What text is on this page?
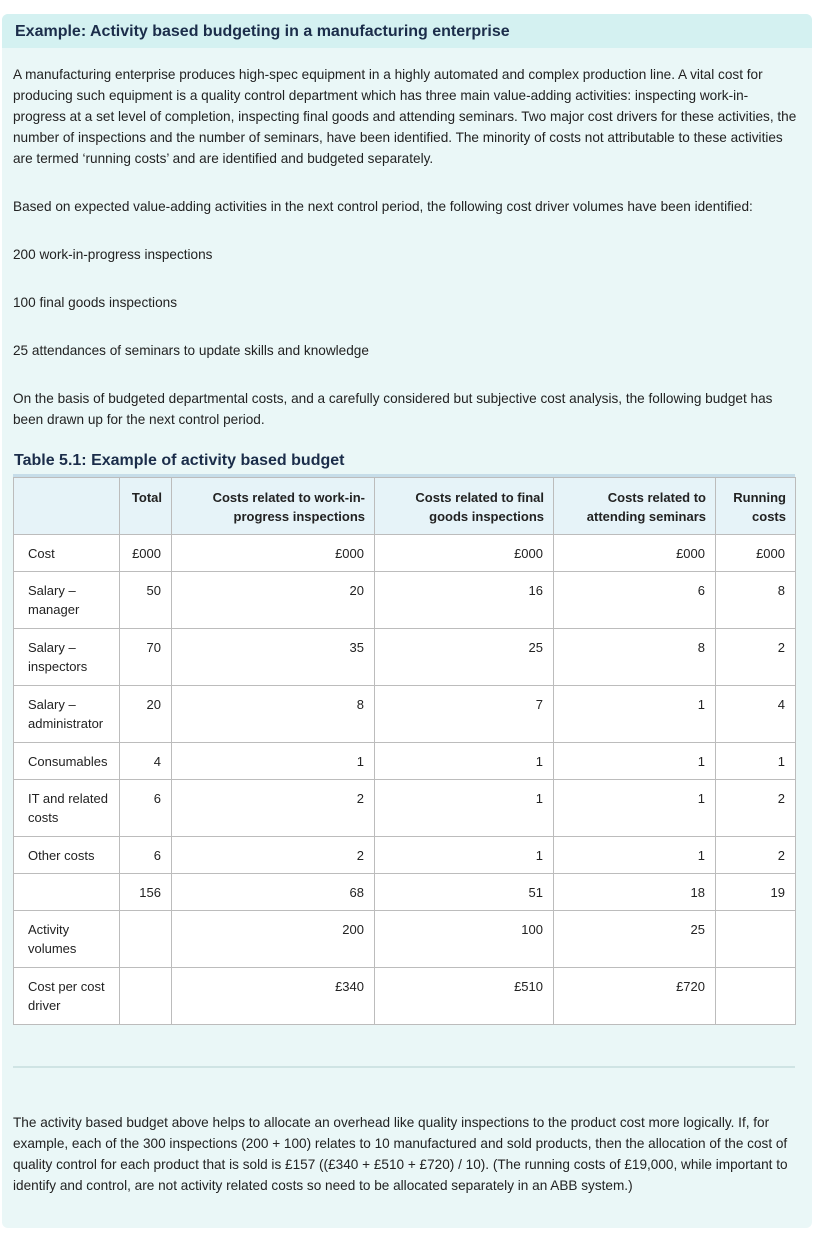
Example: Activity based budgeting in a manufacturing enterprise

A manufacturing enterprise produces high-spec equipment in a highly automated and complex production line. A vital cost for producing such equipment is a quality control department which has three main value-adding activities: inspecting work-in-progress at a set level of completion, inspecting final goods and attending seminars. Two major cost drivers for these activities, the number of inspections and the number of seminars, have been identified. The minority of costs not attributable to these activities are termed ‘running costs’ and are identified and budgeted separately.

Based on expected value-adding activities in the next control period, the following cost driver volumes have been identified:

200 work-in-progress inspections

100 final goods inspections

25 attendances of seminars to update skills and knowledge

On the basis of budgeted departmental costs, and a carefully considered but subjective cost analysis, the following budget has been drawn up for the next control period.

Table 5.1: Example of activity based budget
	Total	Costs related to work-in-progress inspections	Costs related to final goods inspections	Costs related to attending seminars	Running costs
Cost	£000	£000	£000	£000	£000
Salary – manager	50	20	16	6	8
Salary – inspectors	70	35	25	8	2
Salary – administrator	20	8	7	1	4
Consumables	4	1	1	1	1
IT and related costs	6	2	1	1	2
Other costs	6	2	1	1	2
	156	68	51	18	19
Activity volumes		200	100	25	
Cost per cost driver		£340	£510	£720	

The activity based budget above helps to allocate an overhead like quality inspections to the product cost more logically. If, for example, each of the 300 inspections (200 + 100) relates to 10 manufactured and sold products, then the allocation of the cost of quality control for each product that is sold is £157 ((£340 + £510 + £720) / 10). (The running costs of £19,000, while important to identify and control, are not activity related costs so need to be allocated separately in an ABB system.)
